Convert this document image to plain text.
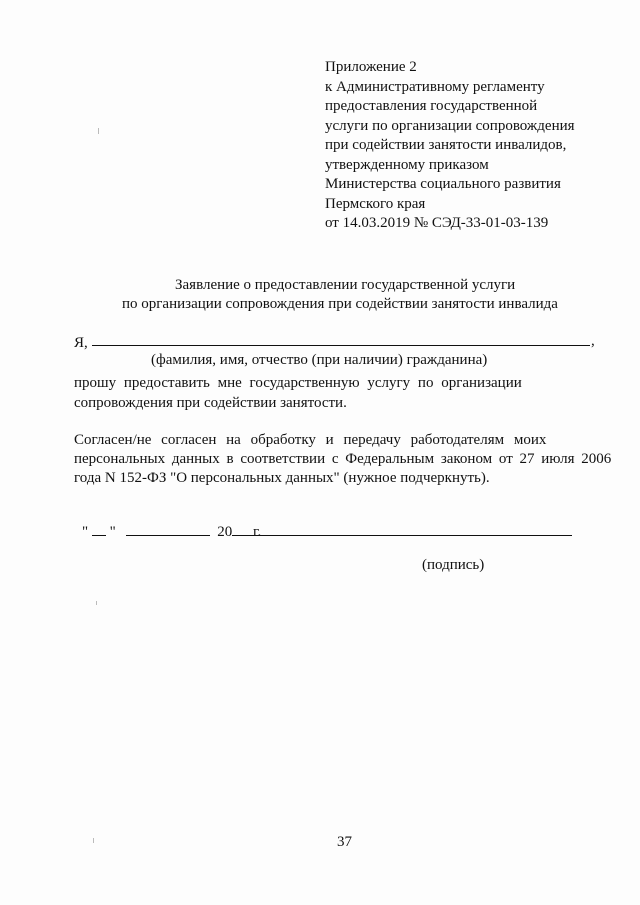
Приложение 2
к Административному регламенту
предоставления государственной
услуги по организации сопровождения
при содействии занятости инвалидов,
утвержденному приказом
Министерства социального развития
Пермского края
от 14.03.2019 № СЭД-33-01-03-139
Заявление о предоставлении государственной услуги
по организации сопровождения при содействии занятости инвалида
Я,	,
(фамилия, имя, отчество (при наличии) гражданина)
прошу предоставить мне государственную услугу по организации
сопровождения при содействии занятости.
Согласен/не согласен на обработку и передачу работодателям моих
персональных данных в соответствии с Федеральным законом от 27 июля 2006
года N 152-ФЗ "О персональных данных" (нужное подчеркнуть).
" "	20 г.
(подпись)
37
